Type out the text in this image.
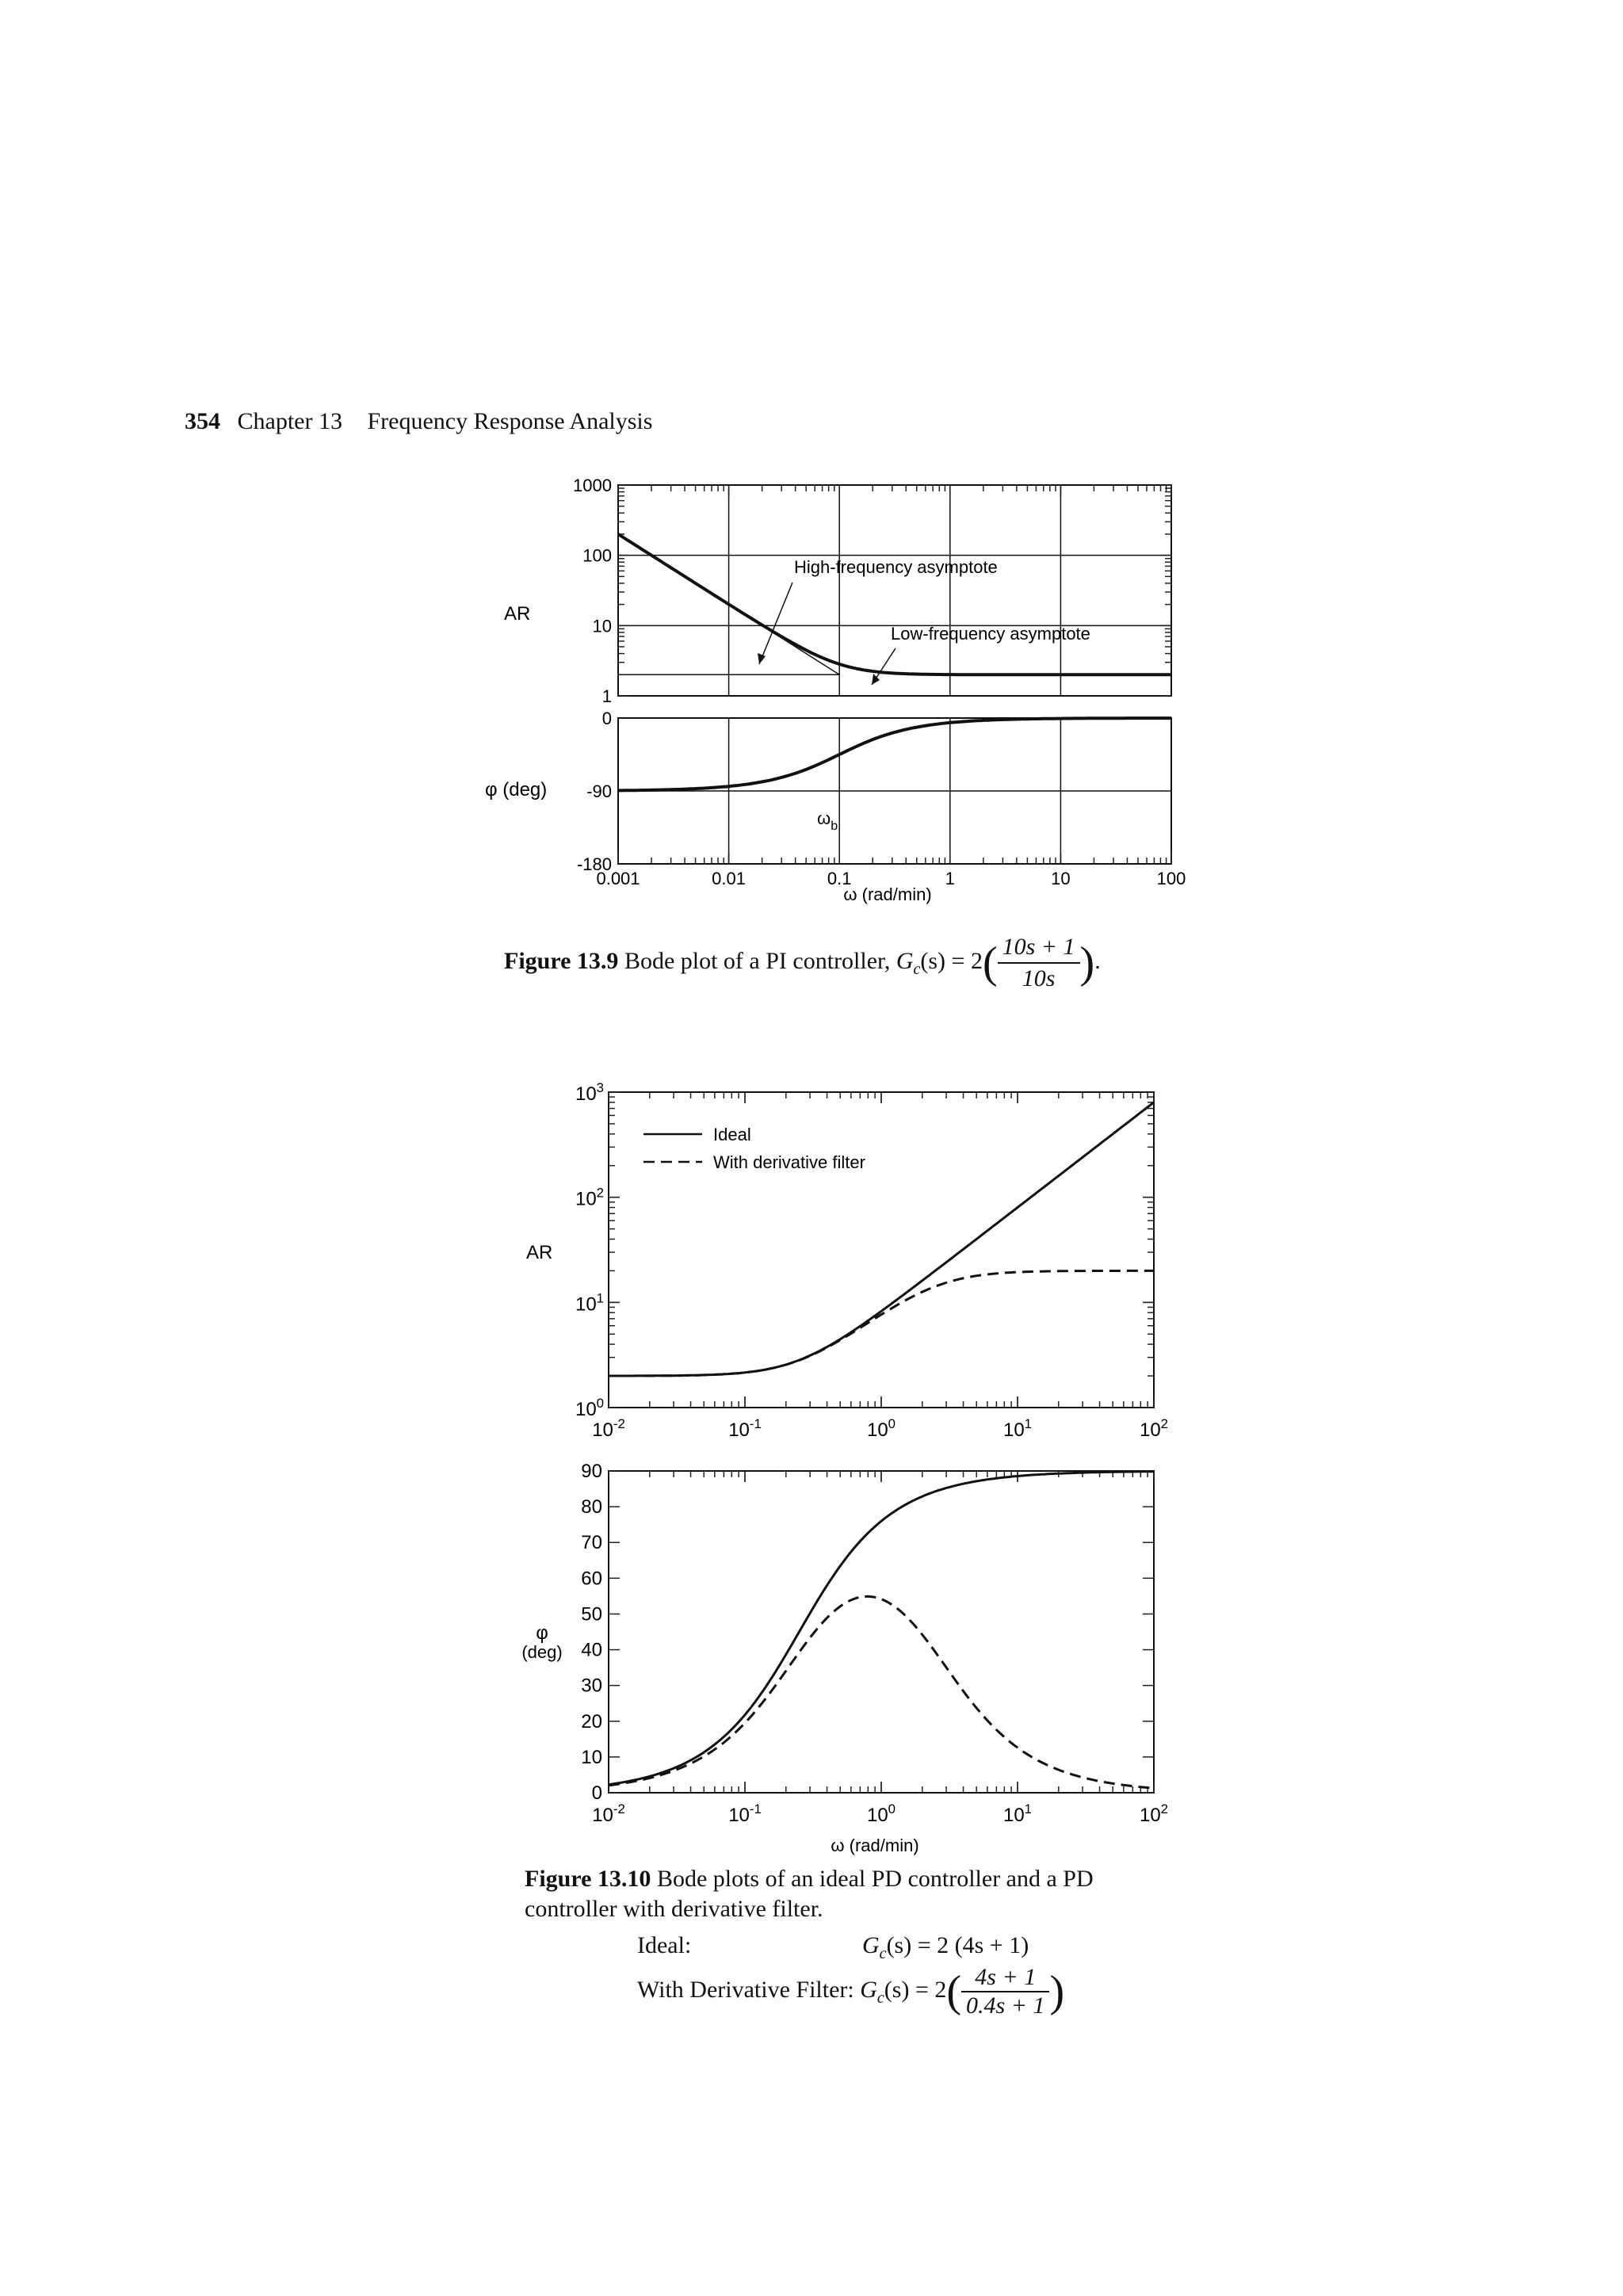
354 Chapter 13 Frequency Response Analysis
1
10
100
1000
0
-90
-180
0.001	0.01	0.1	1	10	100
$10^0$
$10^1$
$10^2$
$10^3$
$10^{-2}$	$10^{-1}$	$10^0$	$10^1$	$10^2$
0
10
20
30
40
50
60
70
80
90
$10^{-2}$	$10^{-1}$	$10^0$	$10^1$	$10^2$
AR
φ (deg)
ω (rad/min)
High-frequency asymptote
Low-frequency asymptote
$\omega_b$
AR
φ
(deg)
ω (rad/min)
Ideal
With derivative filter
Figure 13.9 Bode plot of a PI controller, $G_c(s) = 2( \frac{10s + 1}{10s}$ ).
Figure 13.10 Bode plots of an ideal PD controller and a PD
controller with derivative filter.
Ideal:	$G_c(s) = 2$ (4s + 1)
With Derivative Filter: $G_c(s) = 2( \frac{4s + 1}{0.4s + 1}$ )
